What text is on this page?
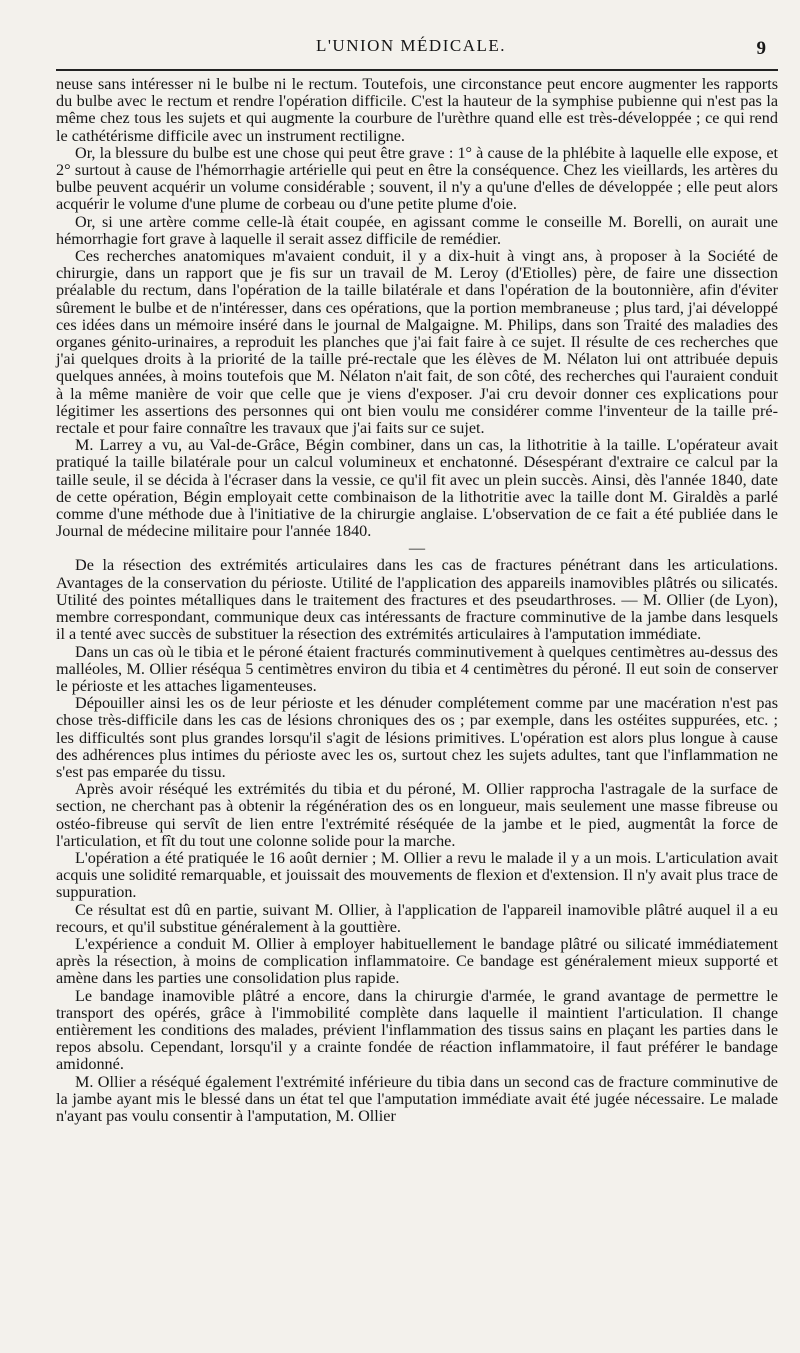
L'UNION MÉDICALE.	9

neuse sans intéresser ni le bulbe ni le rectum. Toutefois, une circonstance peut encore augmenter les rapports du bulbe avec le rectum et rendre l'opération difficile. C'est la hauteur de la symphise pubienne qui n'est pas la même chez tous les sujets et qui augmente la courbure de l'urèthre quand elle est très-développée ; ce qui rend le cathétérisme difficile avec un instrument rectiligne.

Or, la blessure du bulbe est une chose qui peut être grave : 1° à cause de la phlébite à laquelle elle expose, et 2° surtout à cause de l'hémorrhagie artérielle qui peut en être la conséquence. Chez les vieillards, les artères du bulbe peuvent acquérir un volume considérable ; souvent, il n'y a qu'une d'elles de développée ; elle peut alors acquérir le volume d'une plume de corbeau ou d'une petite plume d'oie.

Or, si une artère comme celle-là était coupée, en agissant comme le conseille M. Borelli, on aurait une hémorrhagie fort grave à laquelle il serait assez difficile de remédier.

Ces recherches anatomiques m'avaient conduit, il y a dix-huit à vingt ans, à proposer à la Société de chirurgie, dans un rapport que je fis sur un travail de M. Leroy (d'Etiolles) père, de faire une dissection préalable du rectum, dans l'opération de la taille bilatérale et dans l'opération de la boutonnière, afin d'éviter sûrement le bulbe et de n'intéresser, dans ces opérations, que la portion membraneuse ; plus tard, j'ai développé ces idées dans un mémoire inséré dans le journal de Malgaigne. M. Philips, dans son Traité des maladies des organes génito-urinaires, a reproduit les planches que j'ai fait faire à ce sujet. Il résulte de ces recherches que j'ai quelques droits à la priorité de la taille pré-rectale que les élèves de M. Nélaton lui ont attribuée depuis quelques années, à moins toutefois que M. Nélaton n'ait fait, de son côté, des recherches qui l'auraient conduit à la même manière de voir que celle que je viens d'exposer. J'ai cru devoir donner ces explications pour légitimer les assertions des personnes qui ont bien voulu me considérer comme l'inventeur de la taille pré-rectale et pour faire connaître les travaux que j'ai faits sur ce sujet.

M. Larrey a vu, au Val-de-Grâce, Bégin combiner, dans un cas, la lithotritie à la taille. L'opérateur avait pratiqué la taille bilatérale pour un calcul volumineux et enchatonné. Désespérant d'extraire ce calcul par la taille seule, il se décida à l'écraser dans la vessie, ce qu'il fit avec un plein succès. Ainsi, dès l'année 1840, date de cette opération, Bégin employait cette combinaison de la lithotritie avec la taille dont M. Giraldès a parlé comme d'une méthode due à l'initiative de la chirurgie anglaise. L'observation de ce fait a été publiée dans le Journal de médecine militaire pour l'année 1840.

—

De la résection des extrémités articulaires dans les cas de fractures pénétrant dans les articulations. Avantages de la conservation du périoste. Utilité de l'application des appareils inamovibles plâtrés ou silicatés. Utilité des pointes métalliques dans le traitement des fractures et des pseudarthroses. — M. Ollier (de Lyon), membre correspondant, communique deux cas intéressants de fracture comminutive de la jambe dans lesquels il a tenté avec succès de substituer la résection des extrémités articulaires à l'amputation immédiate.

Dans un cas où le tibia et le péroné étaient fracturés comminutivement à quelques centimètres au-dessus des malléoles, M. Ollier réséqua 5 centimètres environ du tibia et 4 centimètres du péroné. Il eut soin de conserver le périoste et les attaches ligamenteuses.

Dépouiller ainsi les os de leur périoste et les dénuder complétement comme par une macération n'est pas chose très-difficile dans les cas de lésions chroniques des os ; par exemple, dans les ostéites suppurées, etc. ; les difficultés sont plus grandes lorsqu'il s'agit de lésions primitives. L'opération est alors plus longue à cause des adhérences plus intimes du périoste avec les os, surtout chez les sujets adultes, tant que l'inflammation ne s'est pas emparée du tissu.

Après avoir réséqué les extrémités du tibia et du péroné, M. Ollier rapprocha l'astragale de la surface de section, ne cherchant pas à obtenir la régénération des os en longueur, mais seulement une masse fibreuse ou ostéo-fibreuse qui servît de lien entre l'extrémité réséquée de la jambe et le pied, augmentât la force de l'articulation, et fît du tout une colonne solide pour la marche.

L'opération a été pratiquée le 16 août dernier ; M. Ollier a revu le malade il y a un mois. L'articulation avait acquis une solidité remarquable, et jouissait des mouvements de flexion et d'extension. Il n'y avait plus trace de suppuration.

Ce résultat est dû en partie, suivant M. Ollier, à l'application de l'appareil inamovible plâtré auquel il a eu recours, et qu'il substitue généralement à la gouttière.

L'expérience a conduit M. Ollier à employer habituellement le bandage plâtré ou silicaté immédiatement après la résection, à moins de complication inflammatoire. Ce bandage est généralement mieux supporté et amène dans les parties une consolidation plus rapide.

Le bandage inamovible plâtré a encore, dans la chirurgie d'armée, le grand avantage de permettre le transport des opérés, grâce à l'immobilité complète dans laquelle il maintient l'articulation. Il change entièrement les conditions des malades, prévient l'inflammation des tissus sains en plaçant les parties dans le repos absolu. Cependant, lorsqu'il y a crainte fondée de réaction inflammatoire, il faut préférer le bandage amidonné.

M. Ollier a réséqué également l'extrémité inférieure du tibia dans un second cas de fracture comminutive de la jambe ayant mis le blessé dans un état tel que l'amputation immédiate avait été jugée nécessaire. Le malade n'ayant pas voulu consentir à l'amputation, M. Ollier
